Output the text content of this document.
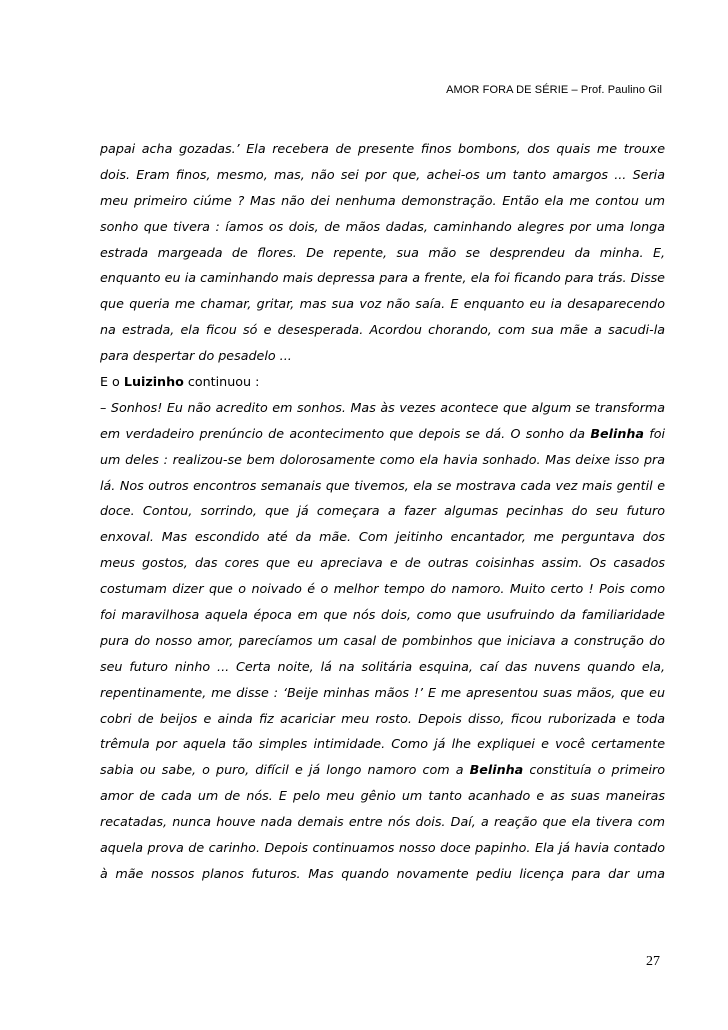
AMOR FORA DE SÉRIE – Prof. Paulino Gil
papai acha gozadas.’ Ela recebera de presente finos bombons, dos quais me trouxe
dois. Eram finos, mesmo, mas, não sei por que, achei-os um tanto amargos ... Seria
meu primeiro ciúme ? Mas não dei nenhuma demonstração. Então ela me contou um
sonho que tivera : íamos os dois, de mãos dadas, caminhando alegres por uma longa
estrada margeada de flores. De repente, sua mão se desprendeu da minha. E,
enquanto eu ia caminhando mais depressa para a frente, ela foi ficando para trás. Disse
que queria me chamar, gritar, mas sua voz não saía. E enquanto eu ia desaparecendo
na estrada, ela ficou só e desesperada. Acordou chorando, com sua mãe a sacudi-la
para despertar do pesadelo ...
E o Luizinho continuou :
– Sonhos! Eu não acredito em sonhos. Mas às vezes acontece que algum se transforma
em verdadeiro prenúncio de acontecimento que depois se dá. O sonho da Belinha foi
um deles : realizou-se bem dolorosamente como ela havia sonhado. Mas deixe isso pra
lá. Nos outros encontros semanais que tivemos, ela se mostrava cada vez mais gentil e
doce. Contou, sorrindo, que já começara a fazer algumas pecinhas do seu futuro
enxoval. Mas escondido até da mãe. Com jeitinho encantador, me perguntava dos
meus gostos, das cores que eu apreciava e de outras coisinhas assim. Os casados
costumam dizer que o noivado é o melhor tempo do namoro. Muito certo ! Pois como
foi maravilhosa aquela época em que nós dois, como que usufruindo da familiaridade
pura do nosso amor, parecíamos um casal de pombinhos que iniciava a construção do
seu futuro ninho ... Certa noite, lá na solitária esquina, caí das nuvens quando ela,
repentinamente, me disse : ‘Beije minhas mãos !’ E me apresentou suas mãos, que eu
cobri de beijos e ainda fiz acariciar meu rosto. Depois disso, ficou ruborizada e toda
trêmula por aquela tão simples intimidade. Como já lhe expliquei e você certamente
sabia ou sabe, o puro, difícil e já longo namoro com a Belinha constituía o primeiro
amor de cada um de nós. E pelo meu gênio um tanto acanhado e as suas maneiras
recatadas, nunca houve nada demais entre nós dois. Daí, a reação que ela tivera com
aquela prova de carinho. Depois continuamos nosso doce papinho. Ela já havia contado
à mãe nossos planos futuros. Mas quando novamente pediu licença para dar uma
27
